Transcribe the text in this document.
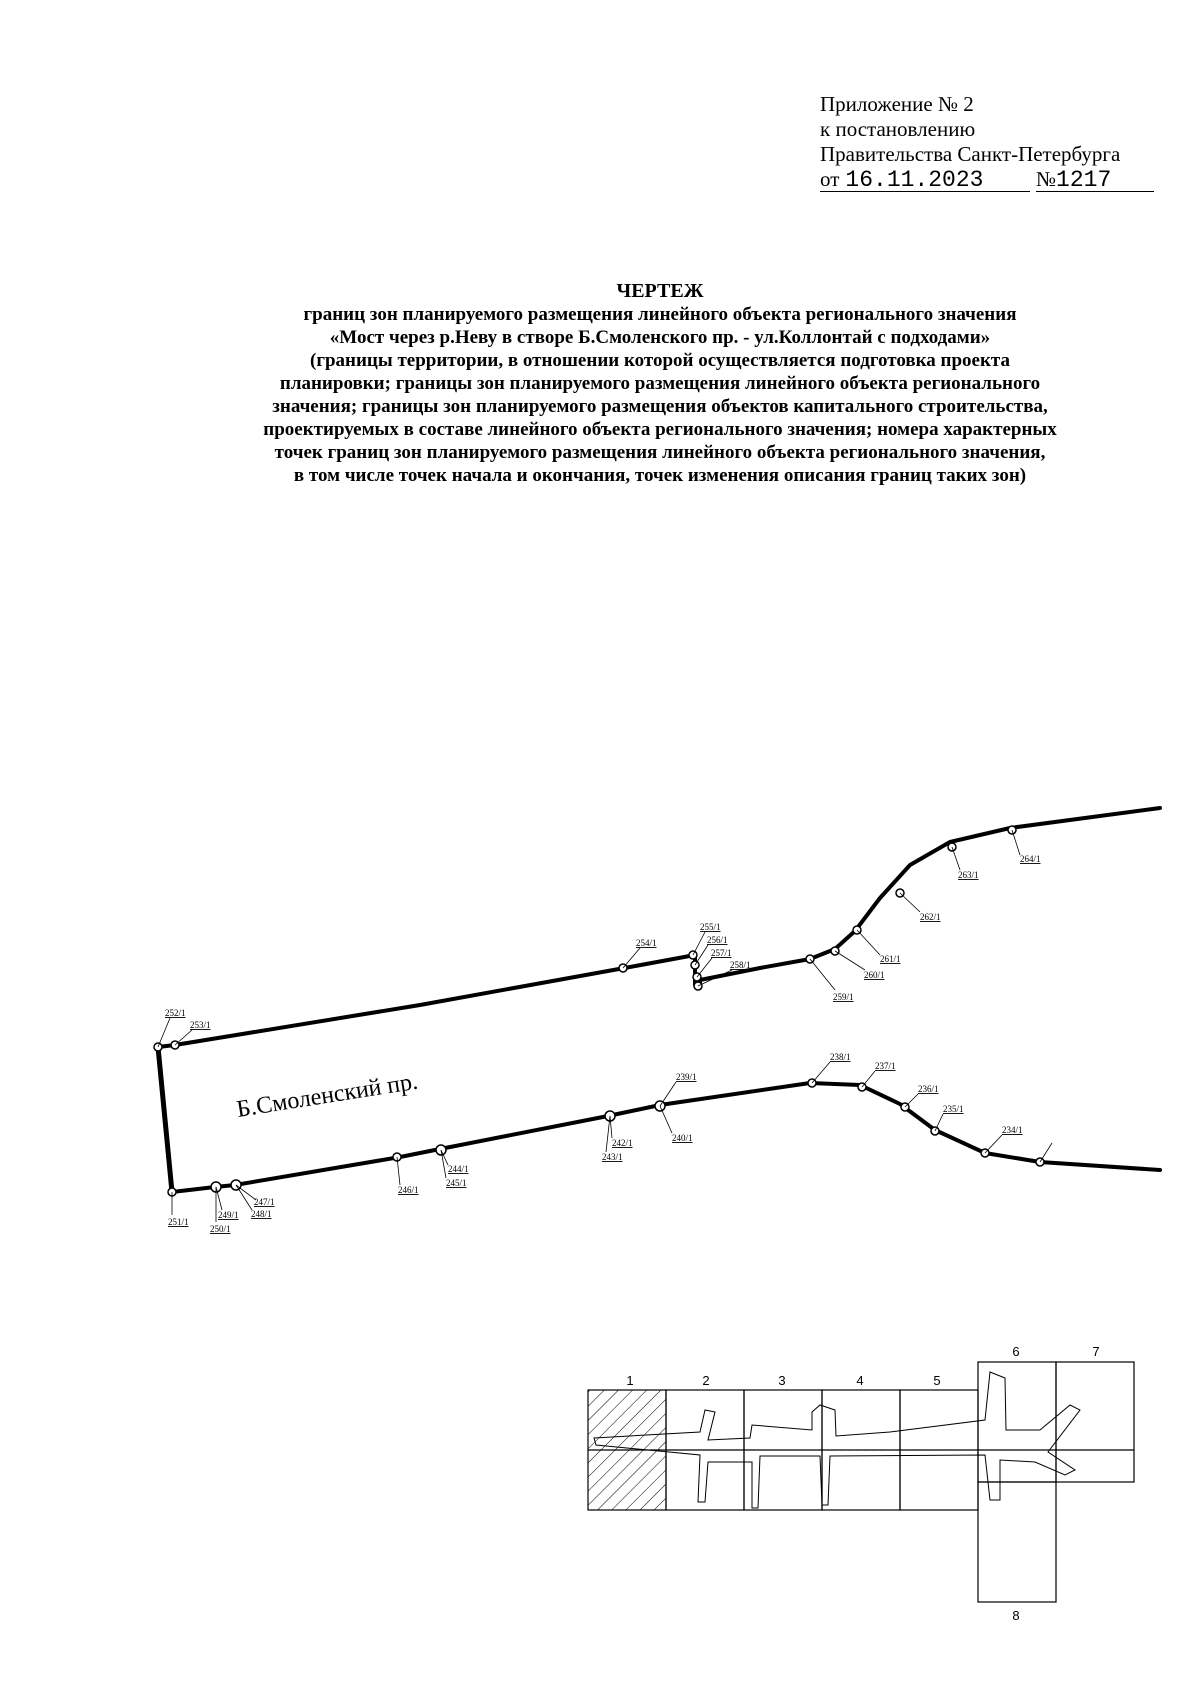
Приложение № 2
к постановлению
Правительства Санкт-Петербурга
от 16.11.2023	№1217
ЧЕРТЕЖ
границ зон планируемого размещения линейного объекта регионального значения
«Мост через р.Неву в створе Б.Смоленского пр. - ул.Коллонтай с подходами»
(границы территории, в отношении которой осуществляется подготовка проекта
планировки; границы зон планируемого размещения линейного объекта регионального
значения; границы зон планируемого размещения объектов капитального строительства,
проектируемых в составе линейного объекта регионального значения; номера характерных
точек границ зон планируемого размещения линейного объекта регионального значения,
в том числе точек начала и окончания, точек изменения описания границ таких зон)
252/1
253/1
254/1
255/1
256/1
257/1
258/1
259/1
260/1
261/1
262/1
263/1
264/1
251/1
250/1
249/1 248/1
247/1
246/1
245/1
244/1
243/1
242/1	240/1
239/1
238/1
237/1
236/1
235/1
234/1
Б.Смоленский пр.
1	2	3	4	5
6	7
8
